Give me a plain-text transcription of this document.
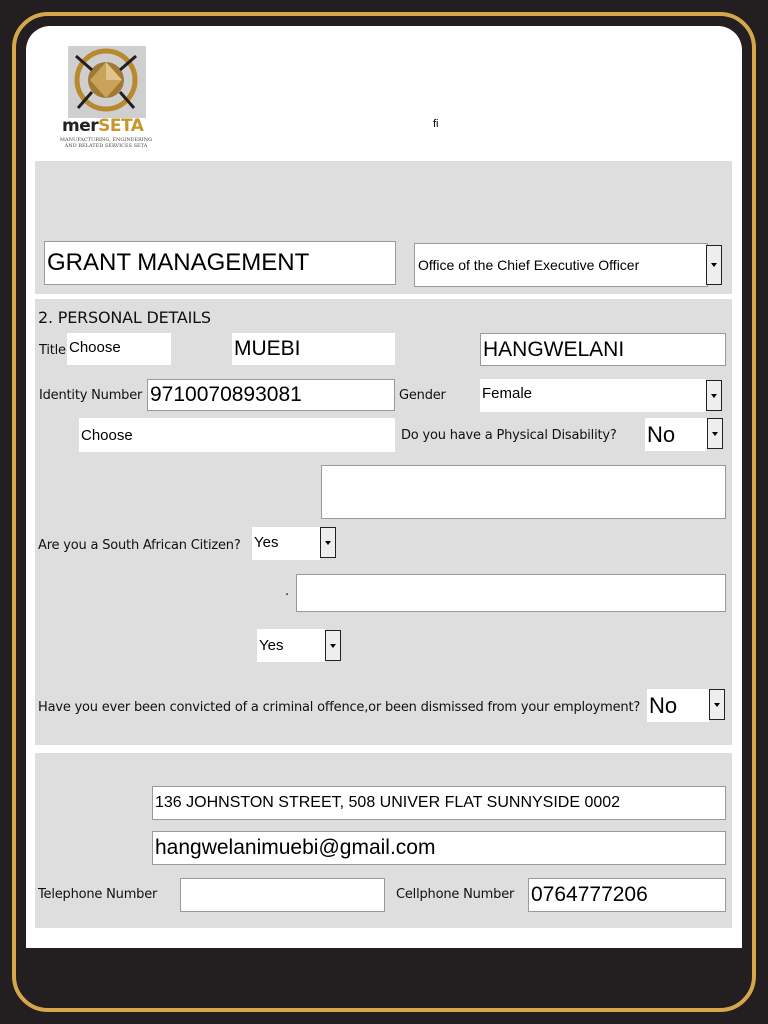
merSETA
MANUFACTURING, ENGINEERING
AND RELATED SERVICES SETA
fi
GRANT MANAGEMENT	Office of the Chief Executive Officer
2. PERSONAL DETAILS
Title Choose	MUEBI	HANGWELANI
Identity Number 9710070893081	Gender Female
Choose	Do you have a Physical Disability? No
Are you a South African Citizen? Yes
.
Yes
Have you ever been convicted of a criminal offence,or been dismissed from your employment? No
136 JOHNSTON STREET, 508 UNIVER FLAT SUNNYSIDE 0002
hangwelanimuebi@gmail.com
Telephone Number	Cellphone Number 0764777206
